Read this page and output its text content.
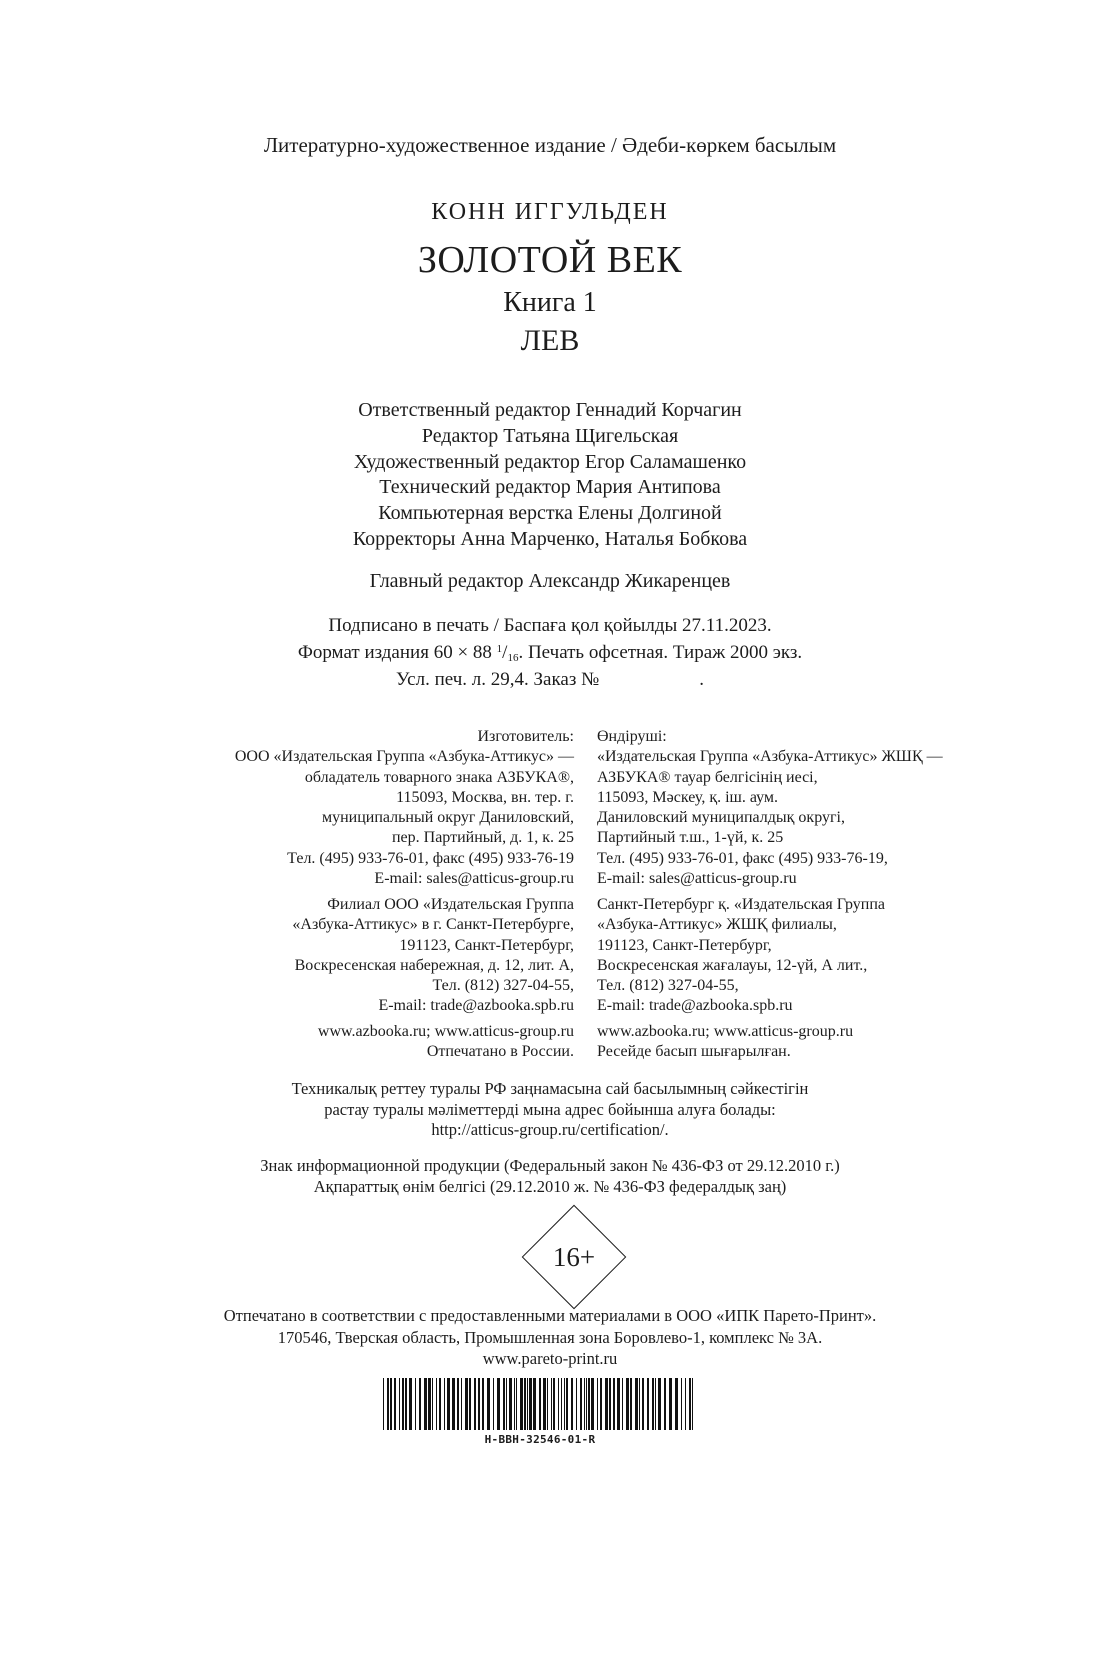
Литературно-художественное издание / Әдеби-көркем басылым
КОНН ИГГУЛЬДЕН
ЗОЛОТОЙ ВЕК
Книга 1
ЛЕВ
Ответственный редактор Геннадий Корчагин
Редактор Татьяна Щигельская
Художественный редактор Егор Саламашенко
Технический редактор Мария Антипова
Компьютерная верстка Елены Долгиной
Корректоры Анна Марченко, Наталья Бобкова
Главный редактор Александр Жикаренцев
Подписано в печать / Баспаға қол қойылды 27.11.2023.
Формат издания 60 × 88 $^1/_{16}$. Печать офсетная. Тираж 2000 экз.
Усл. печ. л. 29,4. Заказ №	.
Изготовитель:
ООО «Издательская Группа «Азбука-Аттикус» —
обладатель товарного знака АЗБУКА®,
115093, Москва, вн. тер. г.
муниципальный округ Даниловский,
пер. Партийный, д. 1, к. 25
Тел. (495) 933-76-01, факс (495) 933-76-19
E-mail: sales@atticus-group.ru
Өндіруші:
«Издательская Группа «Азбука-Аттикус» ЖШҚ —
АЗБУКА® тауар белгісінің иесі,
115093, Мәскеу, қ. іш. аум.
Даниловский муниципалдық округі,
Партийный т.ш., 1-үй, к. 25
Тел. (495) 933-76-01, факс (495) 933-76-19,
E-mail: sales@atticus-group.ru
Филиал ООО «Издательская Группа
«Азбука-Аттикус» в г. Санкт-Петербурге,
191123, Санкт-Петербург,
Воскресенская набережная, д. 12, лит. А,
Тел. (812) 327-04-55,
E-mail: trade@azbooka.spb.ru
Санкт-Петербург қ. «Издательская Группа
«Азбука-Аттикус» ЖШҚ филиалы,
191123, Санкт-Петербург,
Воскресенская жағалауы, 12-үй, А лит.,
Тел. (812) 327-04-55,
E-mail: trade@azbooka.spb.ru
www.azbooka.ru; www.atticus-group.ru
Отпечатано в России.
www.azbooka.ru; www.atticus-group.ru
Ресейде басып шығарылған.
Техникалық реттеу туралы РФ заңнамасына сай басылымның сәйкестігін
растау туралы мәліметтерді мына адрес бойынша алуға болады:
http://atticus-group.ru/certification/.
Знак информационной продукции (Федеральный закон № 436-ФЗ от 29.12.2010 г.)
Ақпараттық өнім белгісі (29.12.2010 ж. № 436-ФЗ федералдық заң)
16+
Отпечатано в соответствии с предоставленными материалами в ООО «ИПК Парето-Принт».
170546, Тверская область, Промышленная зона Боровлево-1, комплекс № 3А.
www.pareto-print.ru
H-BBH-32546-01-R
